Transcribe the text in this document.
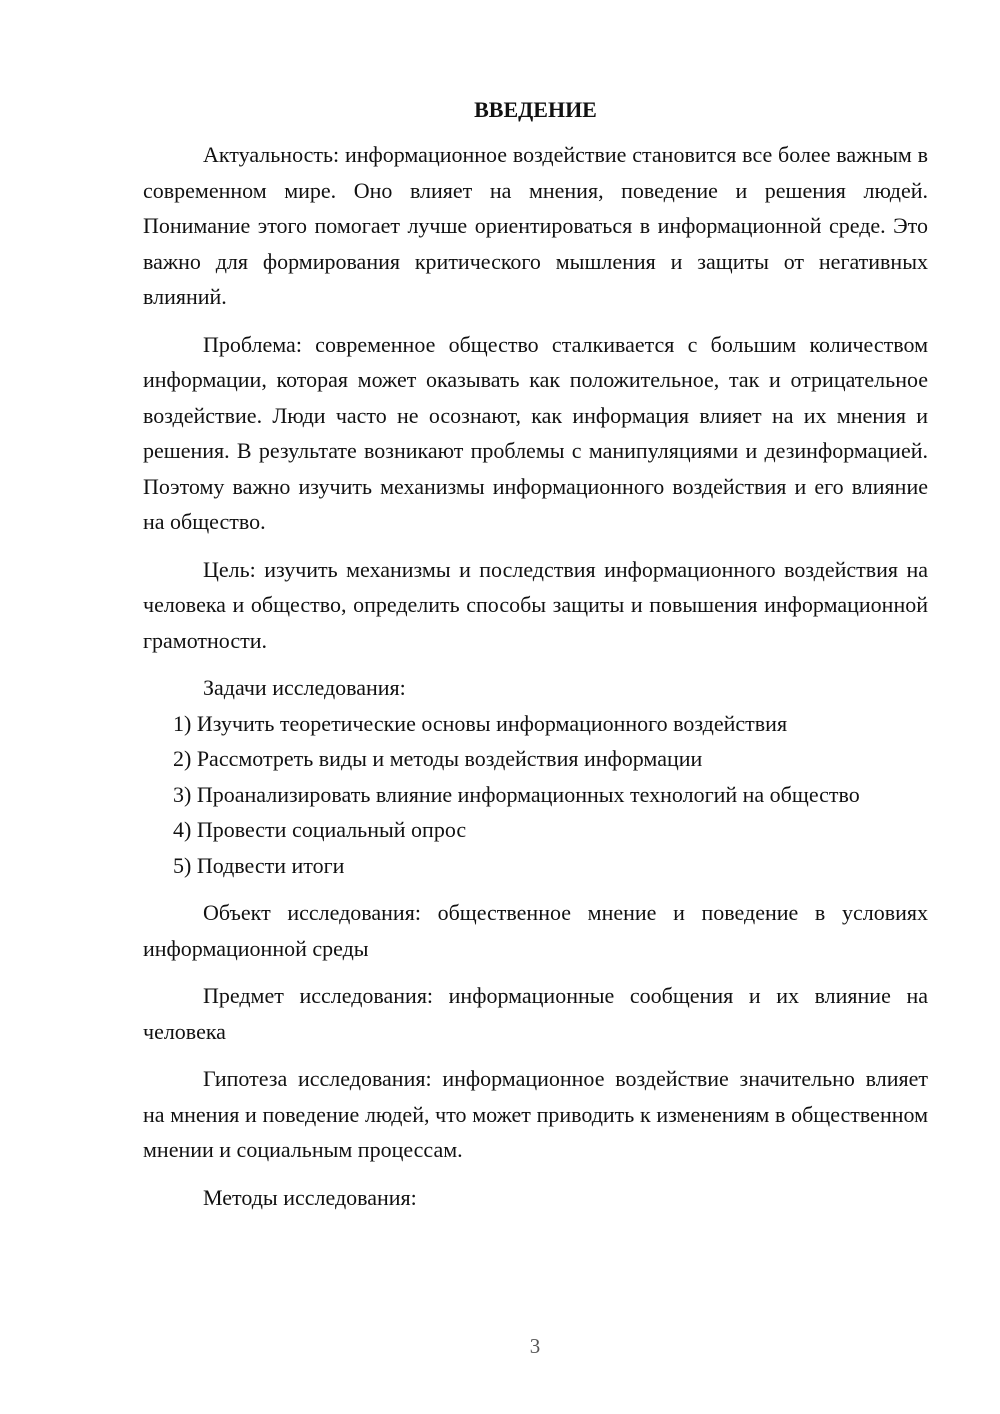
ВВЕДЕНИЕ

Актуальность: информационное воздействие становится все более важным в современном мире. Оно влияет на мнения, поведение и решения людей. Понимание этого помогает лучше ориентироваться в информационной среде. Это важно для формирования критического мышления и защиты от негативных влияний.

Проблема: современное общество сталкивается с большим количеством информации, которая может оказывать как положительное, так и отрицательное воздействие. Люди часто не осознают, как информация влияет на их мнения и решения. В результате возникают проблемы с манипуляциями и дезинформацией. Поэтому важно изучить механизмы информационного воздействия и его влияние на общество.

Цель: изучить механизмы и последствия информационного воздействия на человека и общество, определить способы защиты и повышения информационной грамотности.

Задачи исследования:

1) Изучить теоретические основы информационного воздействия

2) Рассмотреть виды и методы воздействия информации

3) Проанализировать влияние информационных технологий на общество

4) Провести социальный опрос

5) Подвести итоги

Объект исследования: общественное мнение и поведение в условиях информационной среды

Предмет исследования: информационные сообщения и их влияние на человека

Гипотеза исследования: информационное воздействие значительно влияет на мнения и поведение людей, что может приводить к изменениям в общественном мнении и социальным процессам.

Методы исследования:

3
